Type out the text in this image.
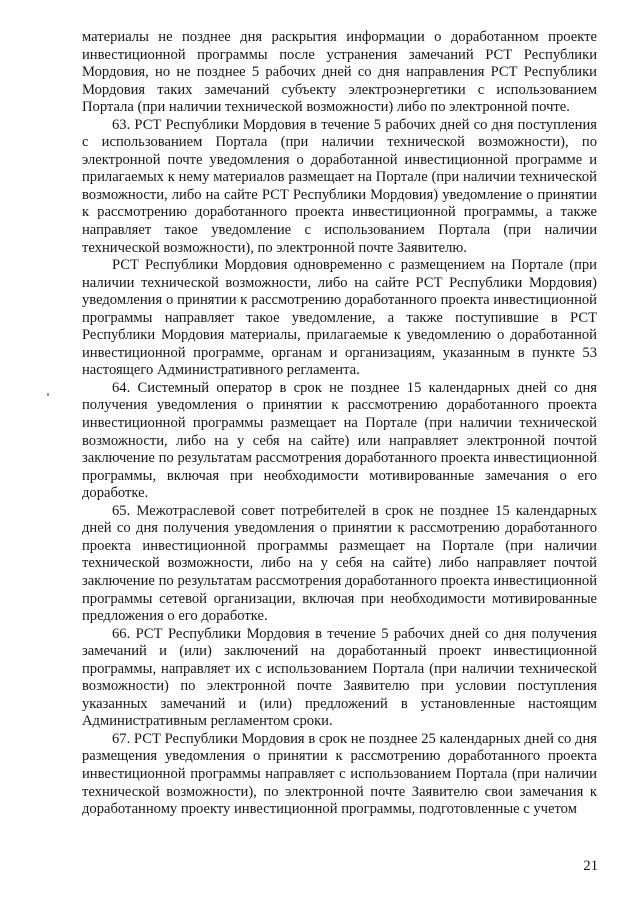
материалы не позднее дня раскрытия информации о доработанном проекте инвестиционной программы после устранения замечаний РСТ Республики Мордовия, но не позднее 5 рабочих дней со дня направления РСТ Республики Мордовия таких замечаний субъекту электроэнергетики с использованием Портала (при наличии технической возможности) либо по электронной почте.

63. РСТ Республики Мордовия в течение 5 рабочих дней со дня поступления с использованием Портала (при наличии технической возможности), по электронной почте уведомления о доработанной инвестиционной программе и прилагаемых к нему материалов размещает на Портале (при наличии технической возможности, либо на сайте РСТ Республики Мордовия) уведомление о принятии к рассмотрению доработанного проекта инвестиционной программы, а также направляет такое уведомление с использованием Портала (при наличии технической возможности), по электронной почте Заявителю.

РСТ Республики Мордовия одновременно с размещением на Портале (при наличии технической возможности, либо на сайте РСТ Республики Мордовия) уведомления о принятии к рассмотрению доработанного проекта инвестиционной программы направляет такое уведомление, а также поступившие в РСТ Республики Мордовия материалы, прилагаемые к уведомлению о доработанной инвестиционной программе, органам и организациям, указанным в пункте 53 настоящего Административного регламента.

64. Системный оператор в срок не позднее 15 календарных дней со дня получения уведомления о принятии к рассмотрению доработанного проекта инвестиционной программы размещает на Портале (при наличии технической возможности, либо на у себя на сайте) или направляет электронной почтой заключение по результатам рассмотрения доработанного проекта инвестиционной программы, включая при необходимости мотивированные замечания о его доработке.

65. Межотраслевой совет потребителей в срок не позднее 15 календарных дней со дня получения уведомления о принятии к рассмотрению доработанного проекта инвестиционной программы размещает на Портале (при наличии технической возможности, либо на у себя на сайте) либо направляет почтой заключение по результатам рассмотрения доработанного проекта инвестиционной программы сетевой организации, включая при необходимости мотивированные предложения о его доработке.

66. РСТ Республики Мордовия в течение 5 рабочих дней со дня получения замечаний и (или) заключений на доработанный проект инвестиционной программы, направляет их с использованием Портала (при наличии технической возможности) по электронной почте Заявителю при условии поступления указанных замечаний и (или) предложений в установленные настоящим Административным регламентом сроки.

67. РСТ Республики Мордовия в срок не позднее 25 календарных дней со дня размещения уведомления о принятии к рассмотрению доработанного проекта инвестиционной программы направляет с использованием Портала (при наличии технической возможности), по электронной почте Заявителю свои замечания к доработанному проекту инвестиционной программы, подготовленные с учетом

21
